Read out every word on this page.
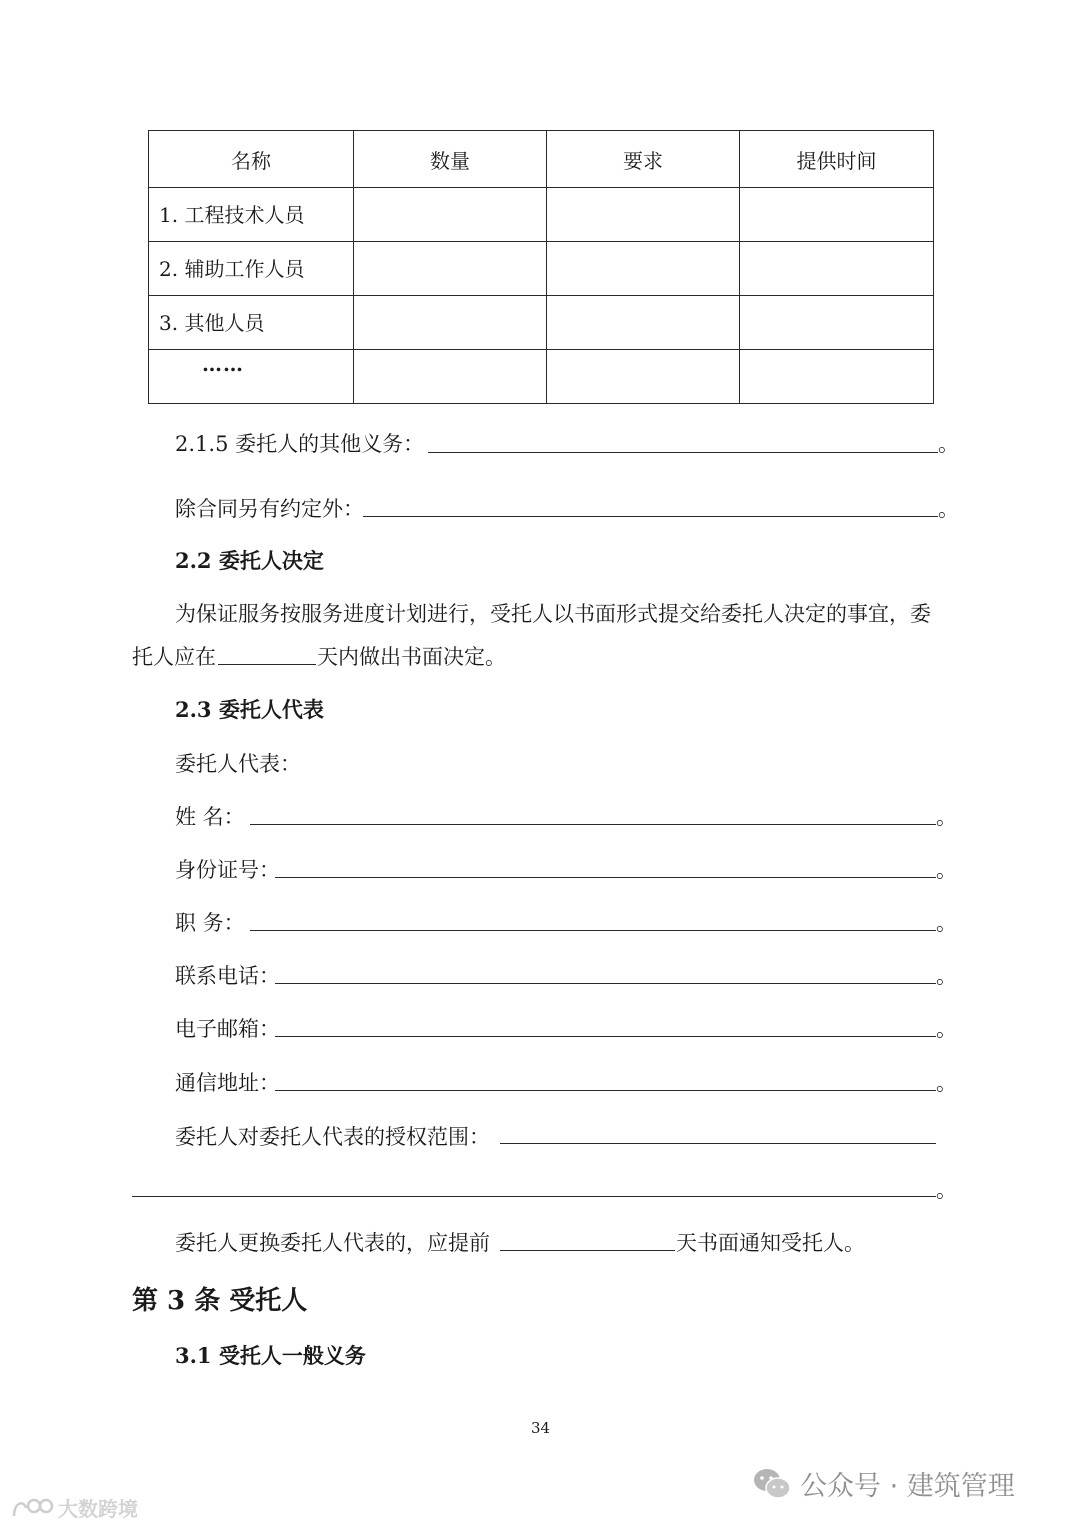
名称	数量	要求	提供时间
1. 工程技术人员			
2. 辅助工作人员			
3. 其他人员			
……			
2.1.5 委托人的其他义务：	。
除合同另有约定外：	。
2.2 委托人决定
为保证服务按服务进度计划进行，受托人以书面形式提交给委托人决定的事宜，委
托人应在	天内做出书面决定。
2.3 委托人代表
委托人代表：
姓 名：	。
身份证号：	。
职 务：	。
联系电话：	。
电子邮箱：	。
通信地址：	。
委托人对委托人代表的授权范围：
。
委托人更换委托人代表的，应提前	天书面通知受托人。
第 3 条 受托人
3.1 受托人一般义务
34
公众号 · 建筑管理
大数跨境
